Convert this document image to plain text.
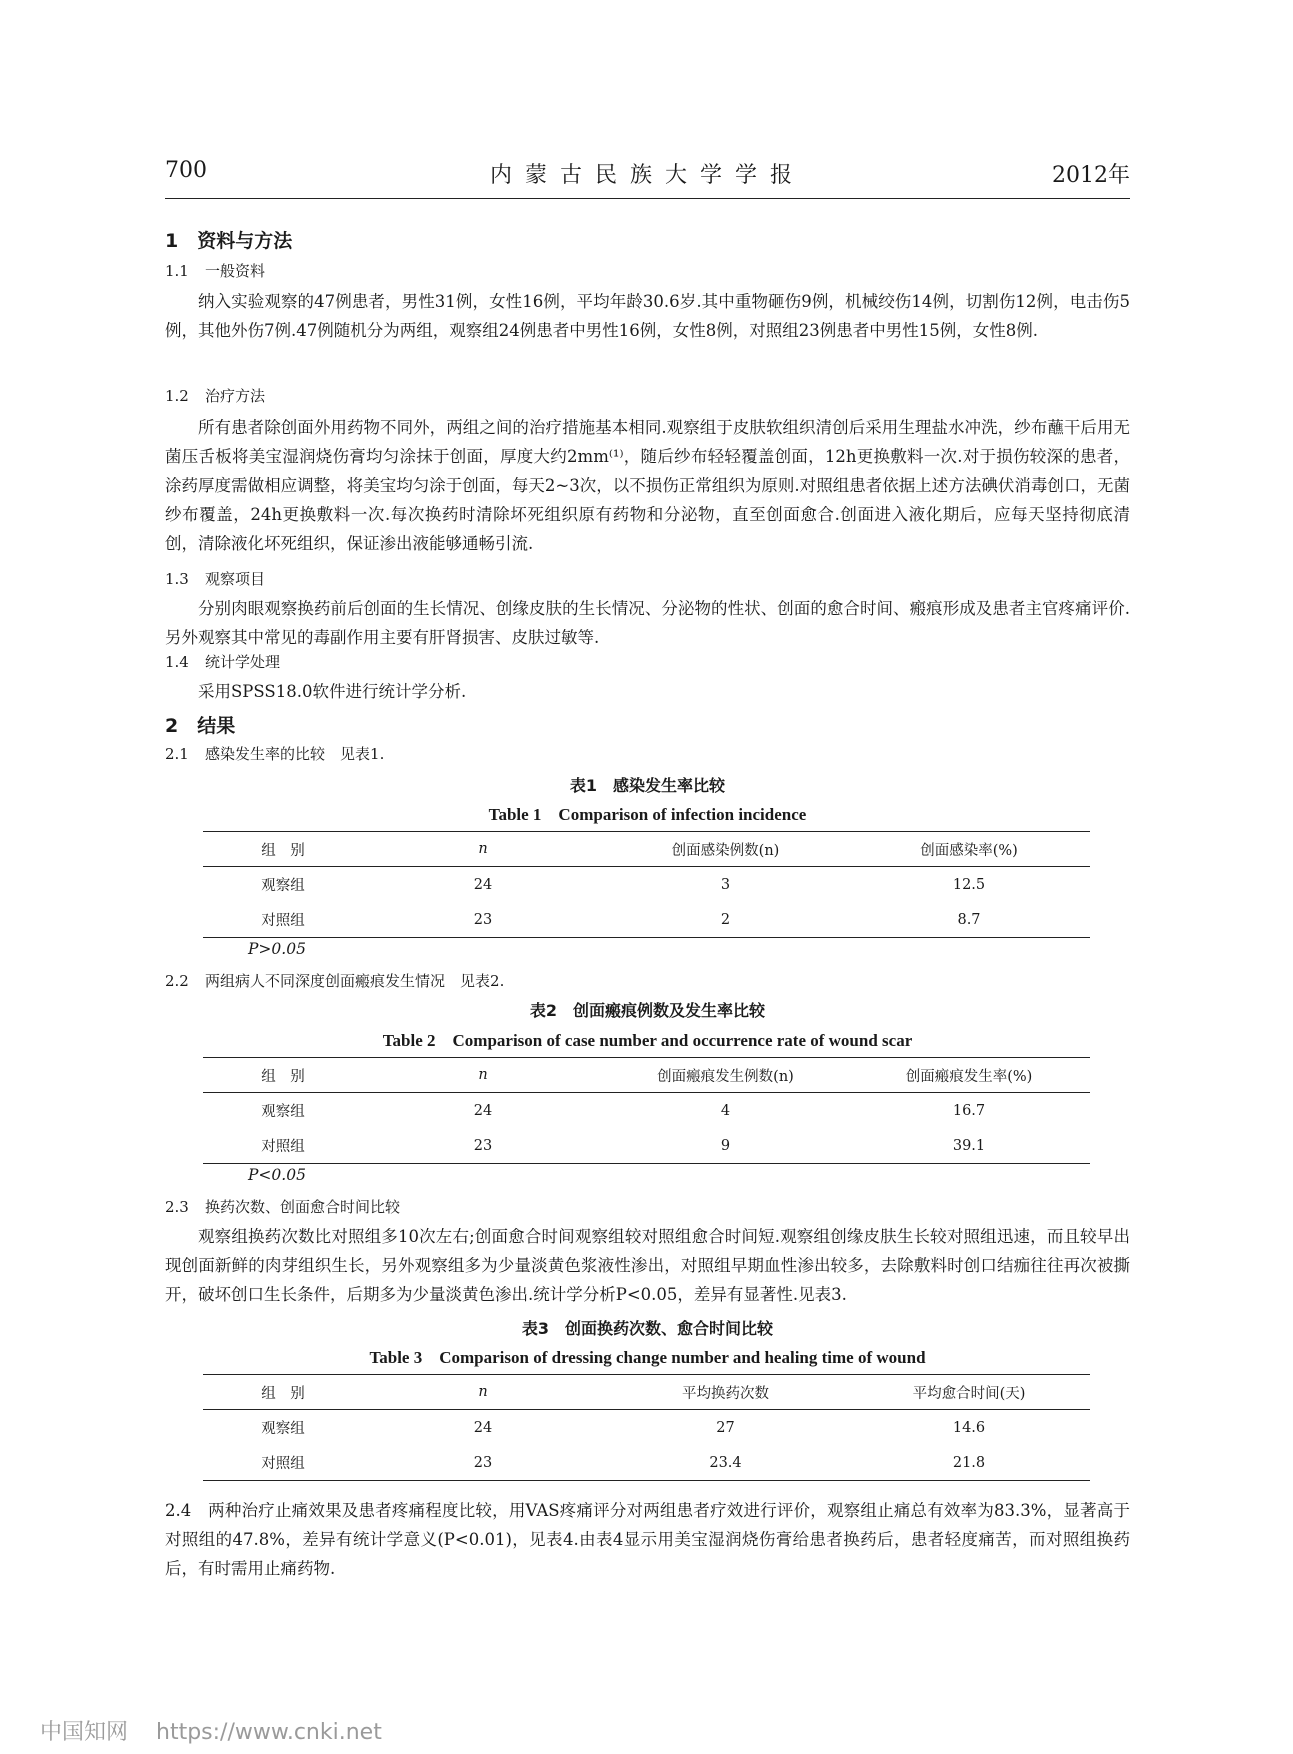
700	内蒙古民族大学学报	2012年
1　资料与方法
1.1 一般资料
纳入实验观察的47例患者，男性31例，女性16例，平均年龄30.6岁.其中重物砸伤9例，机械绞伤14例，切割伤12例，电击伤5例，其他外伤7例.47例随机分为两组，观察组24例患者中男性16例，女性8例，对照组23例患者中男性15例，女性8例.
1.2 治疗方法
所有患者除创面外用药物不同外，两组之间的治疗措施基本相同.观察组于皮肤软组织清创后采用生理盐水冲洗，纱布蘸干后用无菌压舌板将美宝湿润烧伤膏均匀涂抹于创面，厚度大约2mm⁽¹⁾，随后纱布轻轻覆盖创面，12h更换敷料一次.对于损伤较深的患者，涂药厚度需做相应调整，将美宝均匀涂于创面，每天2~3次，以不损伤正常组织为原则.对照组患者依据上述方法碘伏消毒创口，无菌纱布覆盖，24h更换敷料一次.每次换药时清除坏死组织原有药物和分泌物，直至创面愈合.创面进入液化期后，应每天坚持彻底清创，清除液化坏死组织，保证渗出液能够通畅引流.
1.3 观察项目
分别肉眼观察换药前后创面的生长情况、创缘皮肤的生长情况、分泌物的性状、创面的愈合时间、瘢痕形成及患者主官疼痛评价.另外观察其中常见的毒副作用主要有肝肾损害、皮肤过敏等.
1.4 统计学处理
采用SPSS18.0软件进行统计学分析.
2　结果
2.1 感染发生率的比较　 见表1.
表1　感染发生率比较
Table 1　Comparison of infection incidence
组　别	n	创面感染例数(n)	创面感染率(%)
观察组	24	3	12.5
对照组	23	2	8.7
P>0.05
2.2 两组病人不同深度创面瘢痕发生情况　 见表2.
表2　创面瘢痕例数及发生率比较
Table 2　Comparison of case number and occurrence rate of wound scar
组　别	n	创面瘢痕发生例数(n)	创面瘢痕发生率(%)
观察组	24	4	16.7
对照组	23	9	39.1
P<0.05
2.3 换药次数、创面愈合时间比较
观察组换药次数比对照组多10次左右;创面愈合时间观察组较对照组愈合时间短.观察组创缘皮肤生长较对照组迅速，而且较早出现创面新鲜的肉芽组织生长，另外观察组多为少量淡黄色浆液性渗出，对照组早期血性渗出较多，去除敷料时创口结痂往往再次被撕开，破坏创口生长条件，后期多为少量淡黄色渗出.统计学分析P<0.05，差异有显著性.见表3.
表3　创面换药次数、愈合时间比较
Table 3　Comparison of dressing change number and healing time of wound
组　别	n	平均换药次数	平均愈合时间(天)
观察组	24	27	14.6
对照组	23	23.4	21.8
2.4　两种治疗止痛效果及患者疼痛程度比较，用VAS疼痛评分对两组患者疗效进行评价，观察组止痛总有效率为83.3%，显著高于对照组的47.8%，差异有统计学意义(P<0.01)，见表4.由表4显示用美宝湿润烧伤膏给患者换药后，患者轻度痛苦，而对照组换药后，有时需用止痛药物.
中国知网 https://www.cnki.net
